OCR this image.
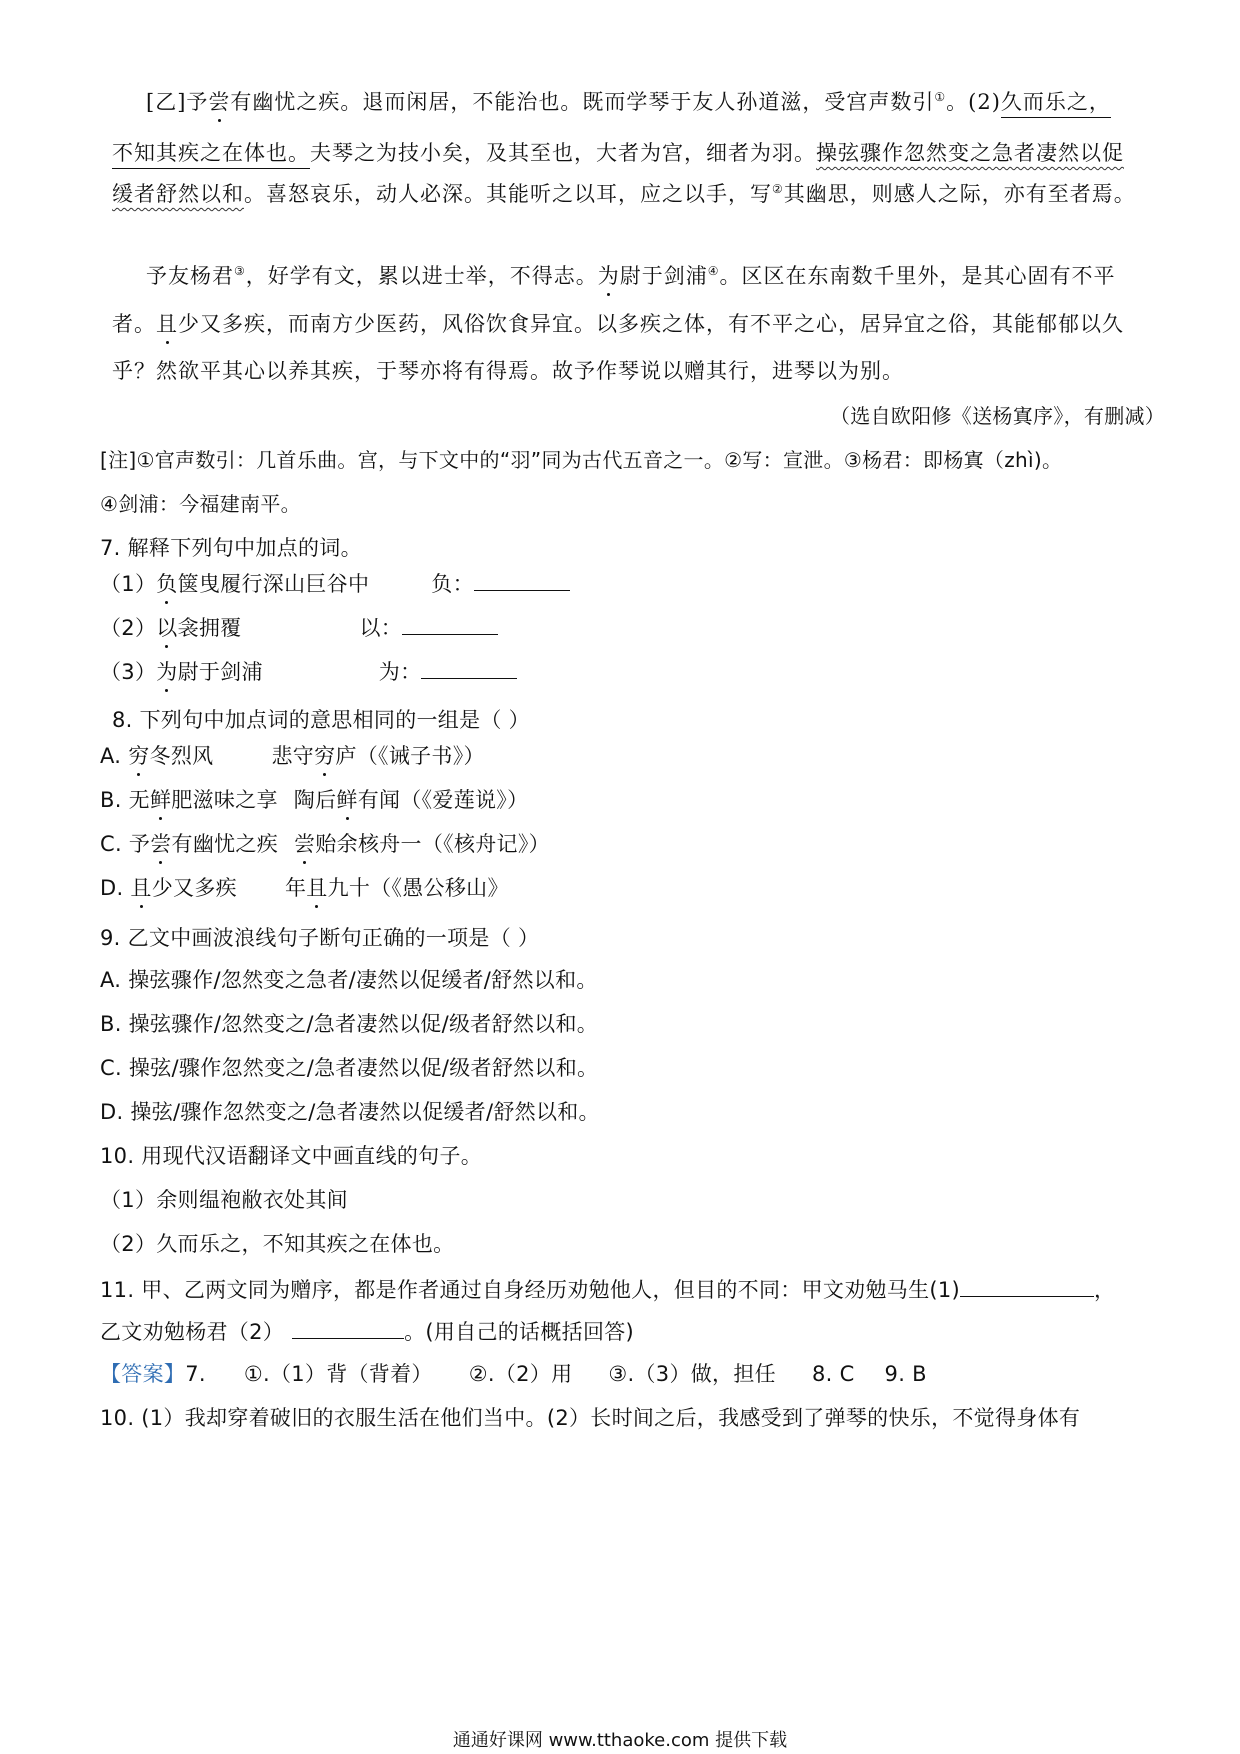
[乙]予尝有幽忧之疾。退而闲居，不能治也。既而学琴于友人孙道滋，受宫声数引①。(2)久而乐之，
不知其疾之在体也。夫琴之为技小矣，及其至也，大者为宫，细者为羽。操弦骤作忽然变之急者凄然以促
缓者舒然以和。喜怒哀乐，动人必深。其能听之以耳，应之以手，写②其幽思，则感人之际，亦有至者焉。
予友杨君③，好学有文，累以进士举，不得志。为尉于剑浦④。区区在东南数千里外，是其心固有不平
者。且少又多疾，而南方少医药，风俗饮食异宜。以多疾之体，有不平之心，居异宜之俗，其能郁郁以久
乎？然欲平其心以养其疾，于琴亦将有得焉。故予作琴说以赠其行，进琴以为别。
（选自欧阳修《送杨寘序》，有删减）
[注]①官声数引：几首乐曲。宫，与下文中的“羽”同为古代五音之一。②写：宣泄。③杨君：即杨寘（zhì)。
④剑浦：今福建南平。
7. 解释下列句中加点的词。
（1）负箧曳履行深山巨谷中	负：
（2）以衾拥覆	以：
（3）为尉于剑浦	为：
8. 下列句中加点词的意思相同的一组是（ ）
A. 穷冬烈风	悲守穷庐（《诫子书》）
B. 无鲜肥滋味之享 陶后鲜有闻（《爱莲说》）
C. 予尝有幽忧之疾 尝贻余核舟一（《核舟记》）
D. 且少又多疾 年且九十（《愚公移山》
9. 乙文中画波浪线句子断句正确的一项是（ ）
A. 操弦骤作/忽然变之急者/凄然以促缓者/舒然以和。
B. 操弦骤作/忽然变之/急者凄然以促/级者舒然以和。
C. 操弦/骤作忽然变之/急者凄然以促/级者舒然以和。
D. 操弦/骤作忽然变之/急者凄然以促缓者/舒然以和。
10. 用现代汉语翻译文中画直线的句子。
（1）余则缊袍敝衣处其间
（2）久而乐之，不知其疾之在体也。
11. 甲、乙两文同为赠序，都是作者通过自身经历劝勉他人，但目的不同：甲文劝勉马生(1)	，
乙文劝勉杨君（2）	。(用自己的话概括回答)
【答案】7. ①.（1）背（背着） ②.（2）用 ③.（3）做，担任 8. C 9. B
10. (1）我却穿着破旧的衣服生活在他们当中。(2）长时间之后，我感受到了弹琴的快乐，不觉得身体有
通通好课网 www.tthaoke.com 提供下载
